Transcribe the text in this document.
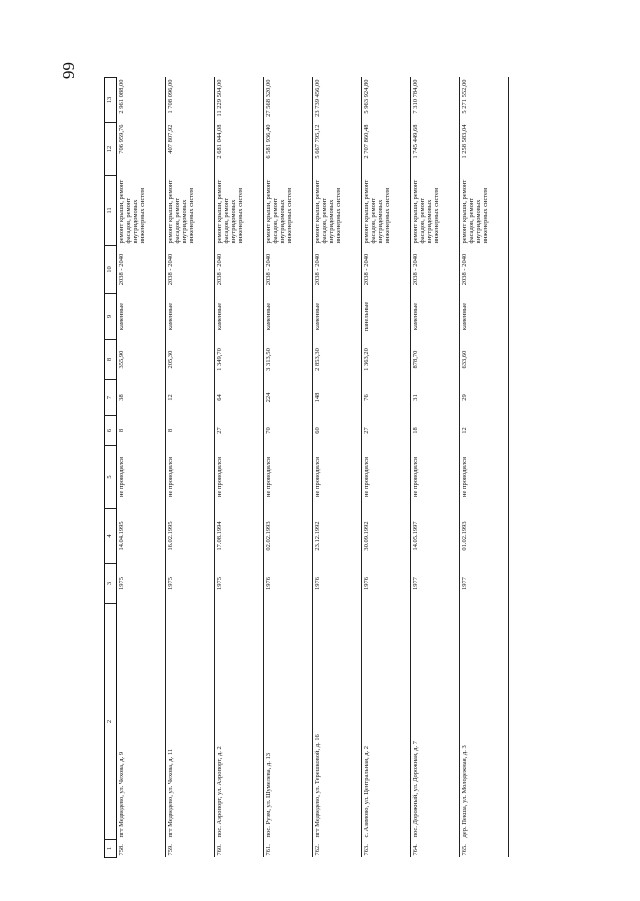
66
1	2	3	4	5	6	7	8	9	10	11	12	13
758.	пгт Медведево, ул. Чехова, д. 9	1975	14.04.1995	не проводился	8	38	355,90	каменные	2038 - 2040	ремонт крыши, ремонт фасадов, ремонт внутридомовых инженерных систем	706 959,76	2 961 088,00
759.	пгт Медведево, ул. Чехова, д. 11	1975	16.02.1995	не проводился	8	12	205,30	каменные	2038 - 2040	ремонт крыши, ремонт фасадов, ремонт внутридомовых инженерных систем	407 807,92	1 708 096,00
760.	пос. Аэропорт, ул. Аэропорт, д. 2	1975	17.08.1994	не проводился	27	64	1 349,70	каменные	2038 - 2040	ремонт крыши, ремонт фасадов, ремонт внутридомовых инженерных систем	2 681 044,08	11 229 504,00
761.	пос. Руэм, ул. Шумелева, д. 13	1976	02.02.1993	не проводился	70	224	3 313,50	каменные	2038 - 2040	ремонт крыши, ремонт фасадов, ремонт внутридомовых инженерных систем	6 581 936,40	27 568 320,00
762.	пгт Медведево, ул. Терешковой, д. 16	1976	23.12.1992	не проводился	60	148	2 853,30	каменные	2038 - 2040	ремонт крыши, ремонт фасадов, ремонт внутридомовых инженерных систем	5 667 795,12	23 739 456,00
763.	с. Азямово, ул. Центральная, д. 2	1976	30.09.1992	не проводился	27	76	1 363,20	панельные	2038 - 2040	ремонт крыши, ремонт фасадов, ремонт внутридомовых инженерных систем	2 707 860,48	5 963 924,80
764.	пос. Дорожный, ул. Дорожная, д. 7	1977	14.05.1997	не проводился	18	31	878,70	каменные	2038 - 2040	ремонт крыши, ремонт фасадов, ремонт внутридомовых инженерных систем	1 745 449,68	7 310 784,00
765.	дер. Пекша, ул. Молодежная, д. 3	1977	01.02.1993	не проводился	12	29	633,60	каменные	2038 - 2040	ремонт крыши, ремонт фасадов, ремонт внутридомовых инженерных систем	1 258 583,04	5 271 552,00
